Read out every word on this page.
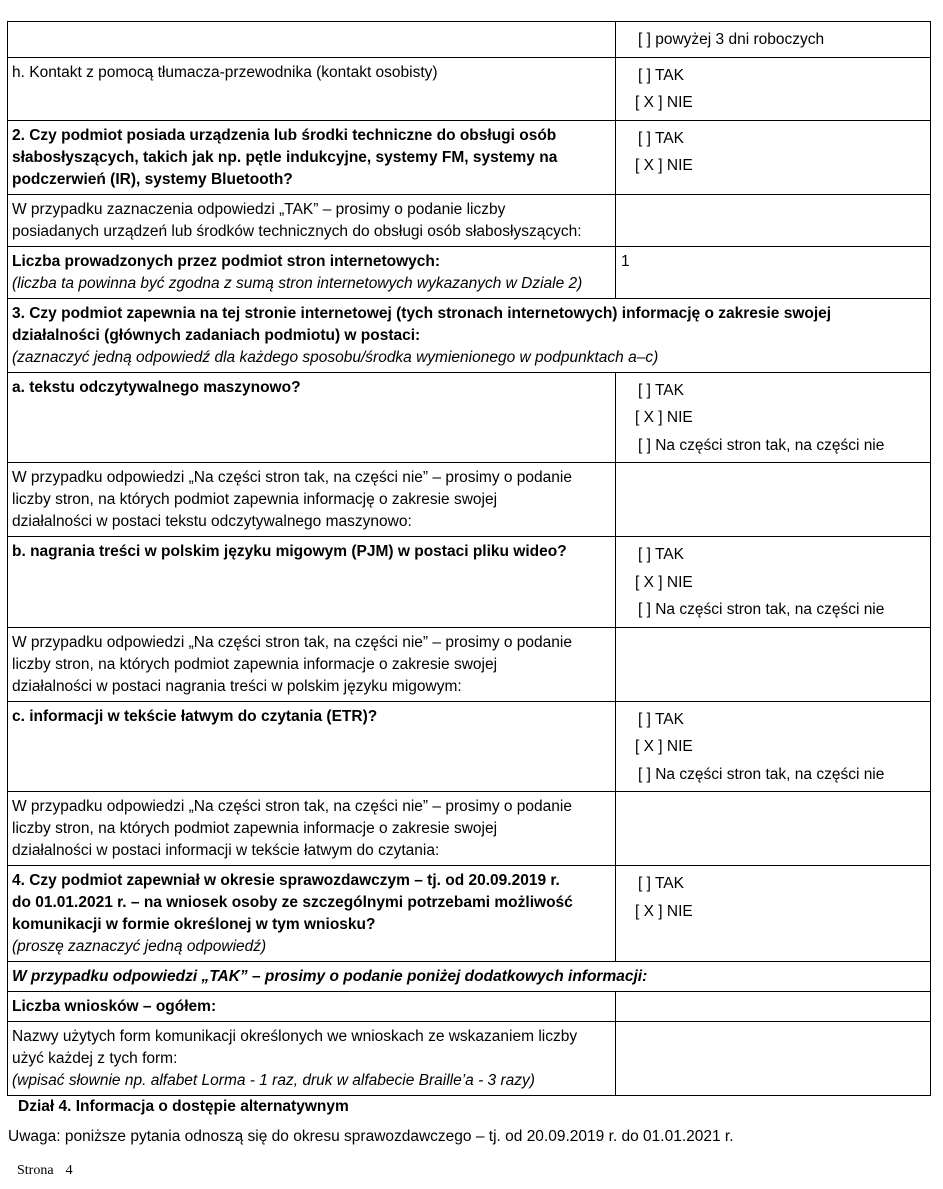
	[ ] powyżej 3 dni roboczych

h. Kontakt z pomocą tłumacza-przewodnika (kontakt osobisty)	[ ] TAK
[ X ] NIE

2. Czy podmiot posiada urządzenia lub środki techniczne do obsługi osób
słabosłyszących, takich jak np. pętle indukcyjne, systemy FM, systemy na
podczerwień (IR), systemy Bluetooth?	[ ] TAK
[ X ] NIE

W przypadku zaznaczenia odpowiedzi „TAK” – prosimy o podanie liczby
posiadanych urządzeń lub środków technicznych do obsługi osób słabosłyszących:	

Liczba prowadzonych przez podmiot stron internetowych:
(liczba ta powinna być zgodna z sumą stron internetowych wykazanych w Dziale 2)	1

3. Czy podmiot zapewnia na tej stronie internetowej (tych stronach internetowych) informację o zakresie swojej
działalności (głównych zadaniach podmiotu) w postaci:
(zaznaczyć jedną odpowiedź dla każdego sposobu/środka wymienionego w podpunktach a–c)	

a. tekstu odczytywalnego maszynowo?	[ ] TAK
[ X ] NIE
[ ] Na części stron tak, na części nie

W przypadku odpowiedzi „Na części stron tak, na części nie” – prosimy o podanie
liczby stron, na których podmiot zapewnia informację o zakresie swojej
działalności w postaci tekstu odczytywalnego maszynowo:	

b. nagrania treści w polskim języku migowym (PJM) w postaci pliku wideo?	[ ] TAK
[ X ] NIE
[ ] Na części stron tak, na części nie

W przypadku odpowiedzi „Na części stron tak, na części nie” – prosimy o podanie
liczby stron, na których podmiot zapewnia informacje o zakresie swojej
działalności w postaci nagrania treści w polskim języku migowym:	

c. informacji w tekście łatwym do czytania (ETR)?	[ ] TAK
[ X ] NIE
[ ] Na części stron tak, na części nie

W przypadku odpowiedzi „Na części stron tak, na części nie” – prosimy o podanie
liczby stron, na których podmiot zapewnia informacje o zakresie swojej
działalności w postaci informacji w tekście łatwym do czytania:	

4. Czy podmiot zapewniał w okresie sprawozdawczym – tj. od 20.09.2019 r.
do 01.01.2021 r. – na wniosek osoby ze szczególnymi potrzebami możliwość
komunikacji w formie określonej w tym wniosku?
(proszę zaznaczyć jedną odpowiedź)	[ ] TAK
[ X ] NIE

W przypadku odpowiedzi „TAK” – prosimy o podanie poniżej dodatkowych informacji:	

Liczba wniosków – ogółem:	

Nazwy użytych form komunikacji określonych we wnioskach ze wskazaniem liczby
użyć każdej z tych form:
(wpisać słownie np. alfabet Lorma - 1 raz, druk w alfabecie Braille’a - 3 razy)	

Dział 4. Informacja o dostępie alternatywnym
Uwaga: poniższe pytania odnoszą się do okresu sprawozdawczego – tj. od 20.09.2019 r. do 01.01.2021 r.
Strona 4
